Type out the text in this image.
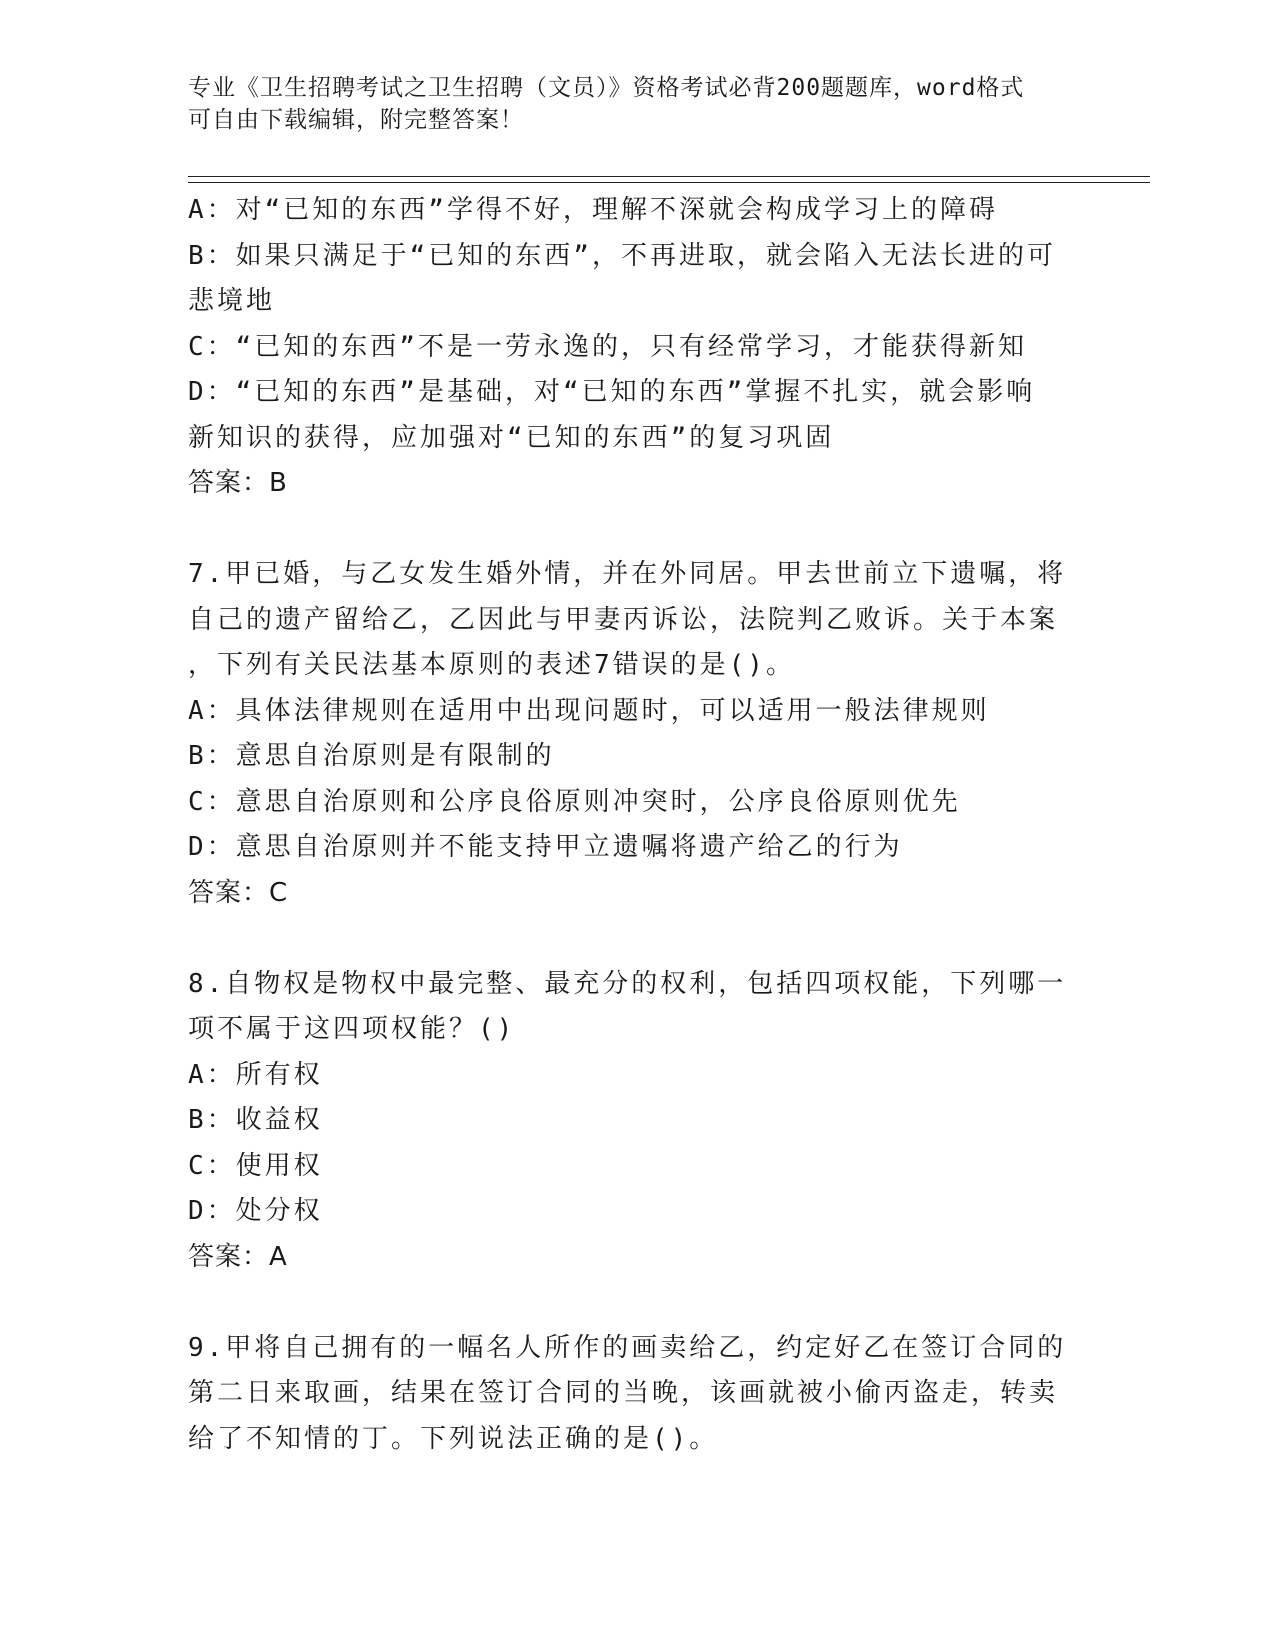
专业《卫生招聘考试之卫生招聘（文员）》资格考试必背200题题库，word格式
可自由下载编辑，附完整答案！
A：对“已知的东西”学得不好，理解不深就会构成学习上的障碍
B：如果只满足于“已知的东西”，不再进取，就会陷入无法长进的可
悲境地
C：“已知的东西”不是一劳永逸的，只有经常学习，才能获得新知
D：“已知的东西”是基础，对“已知的东西”掌握不扎实，就会影响
新知识的获得，应加强对“已知的东西”的复习巩固
答案：B
7.甲已婚，与乙女发生婚外情，并在外同居。甲去世前立下遗嘱，将
自己的遗产留给乙，乙因此与甲妻丙诉讼，法院判乙败诉。关于本案
，下列有关民法基本原则的表述7错误的是()。
A：具体法律规则在适用中出现问题时，可以适用一般法律规则
B：意思自治原则是有限制的
C：意思自治原则和公序良俗原则冲突时，公序良俗原则优先
D：意思自治原则并不能支持甲立遗嘱将遗产给乙的行为
答案：C
8.自物权是物权中最完整、最充分的权利，包括四项权能，下列哪一
项不属于这四项权能？()
A：所有权
B：收益权
C：使用权
D：处分权
答案：A
9.甲将自己拥有的一幅名人所作的画卖给乙，约定好乙在签订合同的
第二日来取画，结果在签订合同的当晚，该画就被小偷丙盗走，转卖
给了不知情的丁。下列说法正确的是()。
